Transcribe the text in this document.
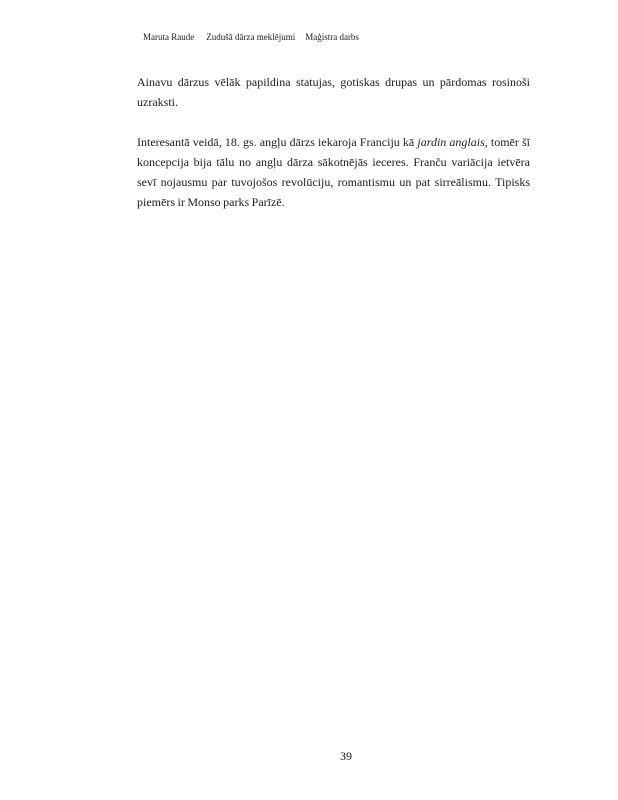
Maruta Raude Zudušā dārza meklējumi Maģistra darbs
Ainavu dārzus vēlāk papildina statujas, gotiskas drupas un pārdomas rosinoši
uzraksti.
Interesantā veidā, 18. gs. angļu dārzs iekaroja Franciju kā jardin anglais, tomēr šī
koncepcija bija tālu no angļu dārza sākotnējās ieceres. Franču variācija ietvēra
sevī nojausmu par tuvojošos revolūciju, romantismu un pat sirreālismu. Tipisks
piemērs ir Monso parks Parīzē.
39
